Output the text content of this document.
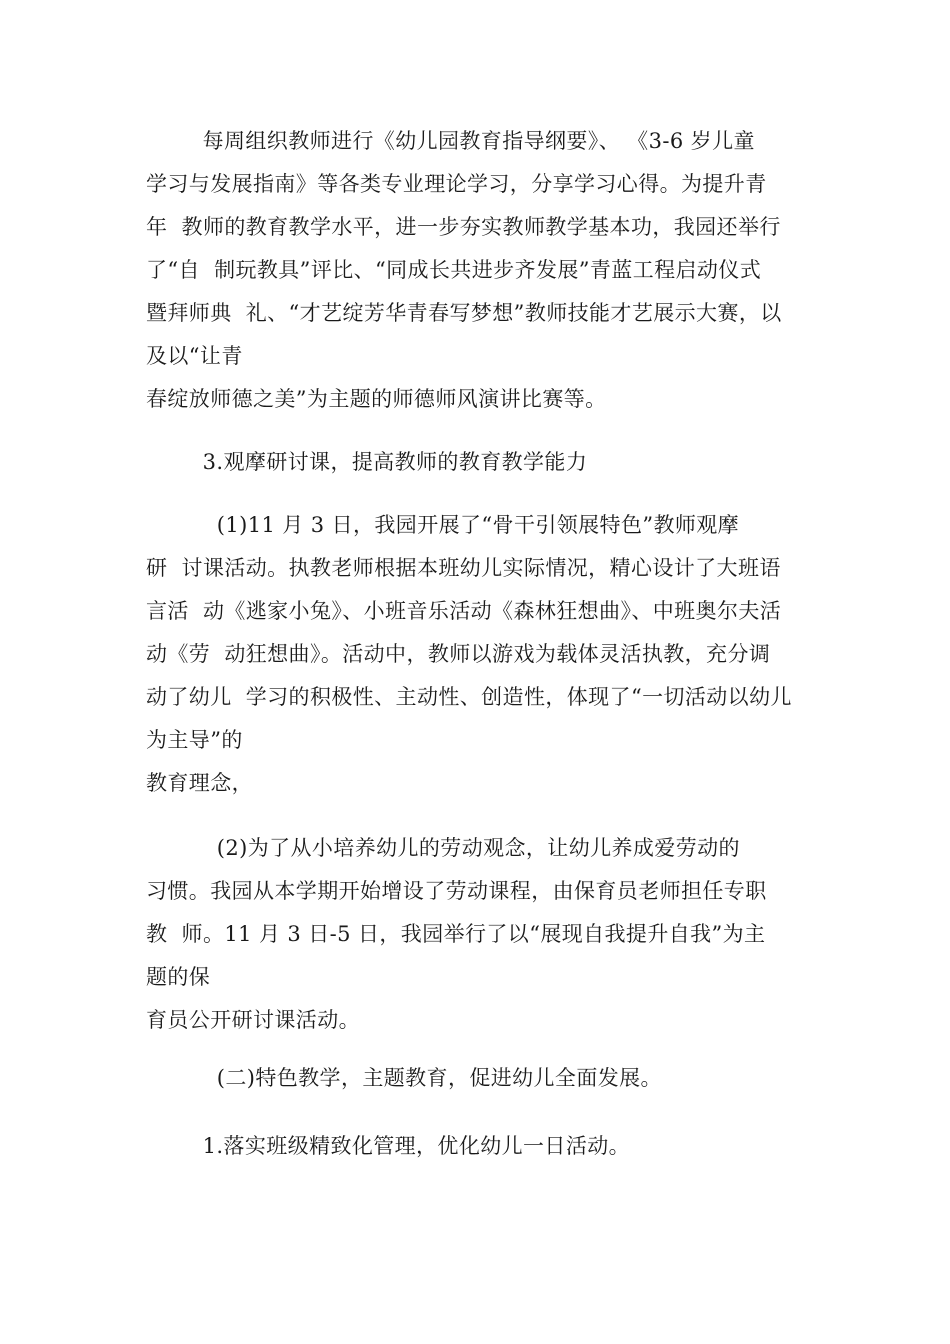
每周组织教师进行《幼儿园教育指导纲要》、 《3-6 岁儿童

学习与发展指南》等各类专业理论学习，分享学习心得。为提升青

年  教师的教育教学水平，进一步夯实教师教学基本功，我园还举行

了“自  制玩教具”评比、“同成长共进步齐发展”青蓝工程启动仪式

暨拜师典  礼、“才艺绽芳华青春写梦想”教师技能才艺展示大赛，以

及以“让青

春绽放师德之美”为主题的师德师风演讲比赛等。

3.观摩研讨课，提高教师的教育教学能力

(1)11 月 3 日，我园开展了“骨干引领展特色”教师观摩

研  讨课活动。执教老师根据本班幼儿实际情况，精心设计了大班语

言活  动《逃家小兔》、小班音乐活动《森林狂想曲》、中班奥尔夫活

动《劳  动狂想曲》。活动中，教师以游戏为载体灵活执教，充分调

动了幼儿  学习的积极性、主动性、创造性，体现了“一切活动以幼儿

为主导”的

教育理念，

(2)为了从小培养幼儿的劳动观念，让幼儿养成爱劳动的

习惯。我园从本学期开始增设了劳动课程，由保育员老师担任专职

教  师。11 月 3 日-5 日，我园举行了以“展现自我提升自我”为主

题的保

育员公开研讨课活动。

(二)特色教学，主题教育，促进幼儿全面发展。

1.落实班级精致化管理，优化幼儿一日活动。
